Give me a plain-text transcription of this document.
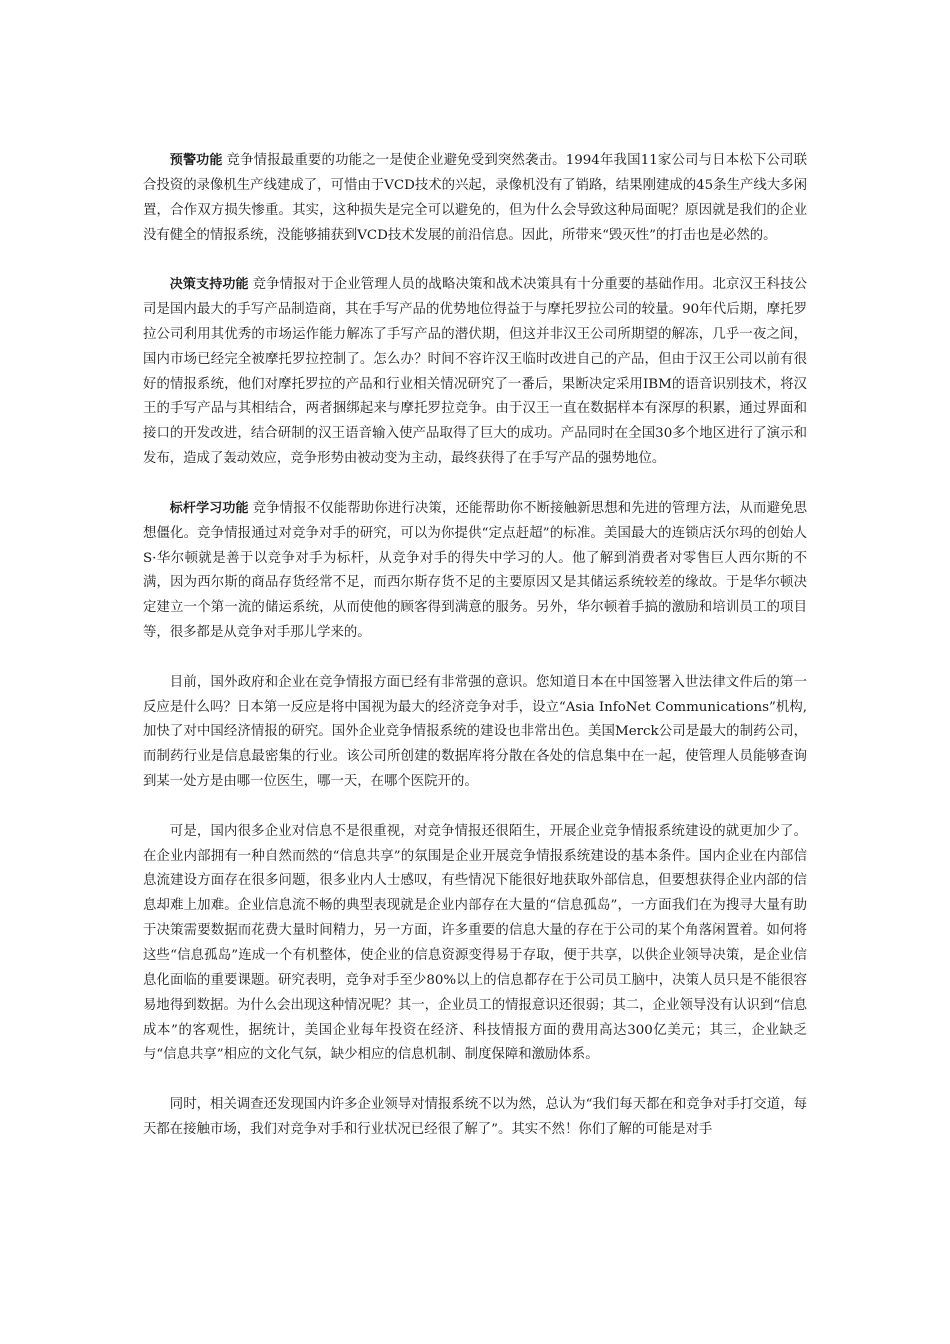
预警功能 竞争情报最重要的功能之一是使企业避免受到突然袭击。1994年我国11家公司与日本松下公司联合投资的录像机生产线建成了，可惜由于VCD技术的兴起，录像机没有了销路，结果刚建成的45条生产线大多闲置，合作双方损失惨重。其实，这种损失是完全可以避免的，但为什么会导致这种局面呢？原因就是我们的企业没有健全的情报系统，没能够捕获到VCD技术发展的前沿信息。因此，所带来“毁灭性”的打击也是必然的。

决策支持功能 竞争情报对于企业管理人员的战略决策和战术决策具有十分重要的基础作用。北京汉王科技公司是国内最大的手写产品制造商，其在手写产品的优势地位得益于与摩托罗拉公司的较量。90年代后期，摩托罗拉公司利用其优秀的市场运作能力解冻了手写产品的潜伏期，但这并非汉王公司所期望的解冻，几乎一夜之间，国内市场已经完全被摩托罗拉控制了。怎么办？时间不容许汉王临时改进自己的产品，但由于汉王公司以前有很好的情报系统，他们对摩托罗拉的产品和行业相关情况研究了一番后，果断决定采用IBM的语音识别技术，将汉王的手写产品与其相结合，两者捆绑起来与摩托罗拉竞争。由于汉王一直在数据样本有深厚的积累，通过界面和接口的开发改进，结合研制的汉王语音输入使产品取得了巨大的成功。产品同时在全国30多个地区进行了演示和发布，造成了轰动效应，竞争形势由被动变为主动，最终获得了在手写产品的强势地位。

标杆学习功能 竞争情报不仅能帮助你进行决策，还能帮助你不断接触新思想和先进的管理方法，从而避免思想僵化。竞争情报通过对竞争对手的研究，可以为你提供“定点赶超”的标准。美国最大的连锁店沃尔玛的创始人S·华尔顿就是善于以竞争对手为标杆，从竞争对手的得失中学习的人。他了解到消费者对零售巨人西尔斯的不满，因为西尔斯的商品存货经常不足，而西尔斯存货不足的主要原因又是其储运系统较差的缘故。于是华尔顿决定建立一个第一流的储运系统，从而使他的顾客得到满意的服务。另外，华尔顿着手搞的激励和培训员工的项目等，很多都是从竞争对手那儿学来的。

目前，国外政府和企业在竞争情报方面已经有非常强的意识。您知道日本在中国签署入世法律文件后的第一反应是什么吗？日本第一反应是将中国视为最大的经济竞争对手，设立“Asia InfoNet Communications”机构,加快了对中国经济情报的研究。国外企业竞争情报系统的建设也非常出色。美国Merck公司是最大的制药公司，而制药行业是信息最密集的行业。该公司所创建的数据库将分散在各处的信息集中在一起，使管理人员能够查询到某一处方是由哪一位医生，哪一天，在哪个医院开的。

可是，国内很多企业对信息不是很重视，对竞争情报还很陌生，开展企业竞争情报系统建设的就更加少了。在企业内部拥有一种自然而然的“信息共享”的氛围是企业开展竞争情报系统建设的基本条件。国内企业在内部信息流建设方面存在很多问题，很多业内人士感叹，有些情况下能很好地获取外部信息，但要想获得企业内部的信息却难上加难。企业信息流不畅的典型表现就是企业内部存在大量的“信息孤岛”，一方面我们在为搜寻大量有助于决策需要数据而花费大量时间精力，另一方面，许多重要的信息大量的存在于公司的某个角落闲置着。如何将这些“信息孤岛”连成一个有机整体，使企业的信息资源变得易于存取，便于共享，以供企业领导决策，是企业信息化面临的重要课题。研究表明，竞争对手至少80%以上的信息都存在于公司员工脑中，决策人员只是不能很容易地得到数据。为什么会出现这种情况呢？其一，企业员工的情报意识还很弱；其二，企业领导没有认识到“信息成本”的客观性，据统计，美国企业每年投资在经济、科技情报方面的费用高达300亿美元；其三，企业缺乏与“信息共享”相应的文化气氛，缺少相应的信息机制、制度保障和激励体系。

同时，相关调查还发现国内许多企业领导对情报系统不以为然，总认为“我们每天都在和竞争对手打交道，每天都在接触市场，我们对竞争对手和行业状况已经很了解了”。其实不然！你们了解的可能是对手
